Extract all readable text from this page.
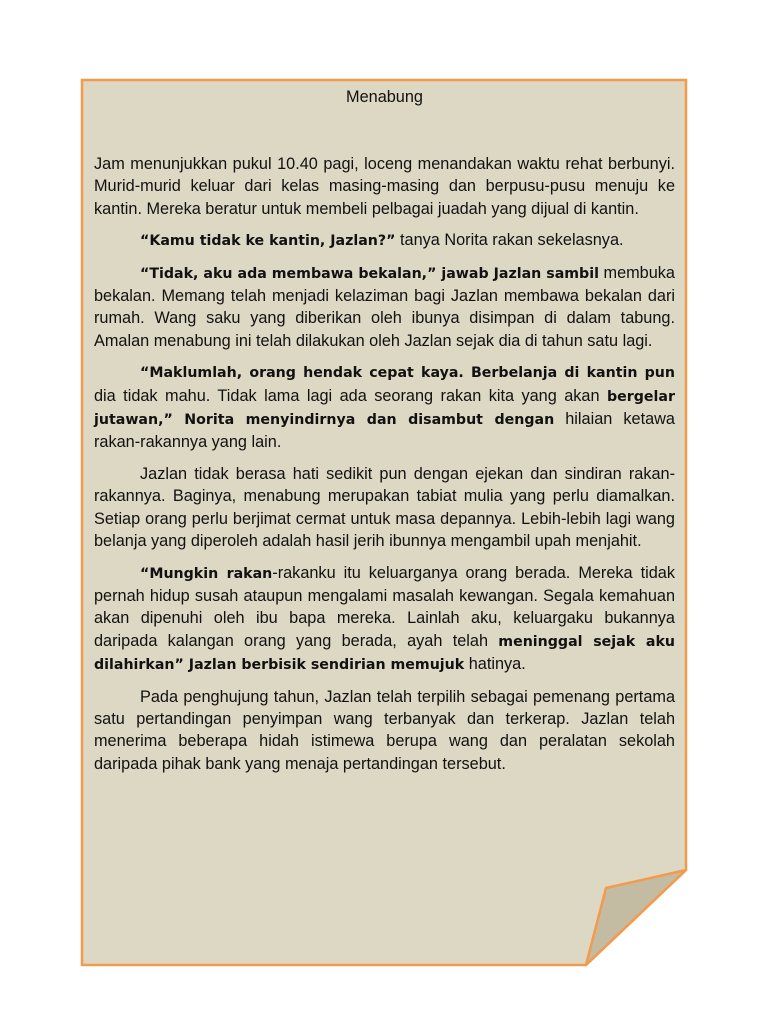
Menabung

Jam menunjukkan pukul 10.40 pagi, loceng menandakan waktu rehat berbunyi. Murid-murid keluar dari kelas masing-masing dan berpusu-pusu menuju ke kantin. Mereka beratur untuk membeli pelbagai juadah yang dijual di kantin.

“Kamu tidak ke kantin, Jazlan?” tanya Norita rakan sekelasnya.

“Tidak, aku ada membawa bekalan,” jawab Jazlan sambil membuka bekalan. Memang telah menjadi kelaziman bagi Jazlan membawa bekalan dari rumah. Wang saku yang diberikan oleh ibunya disimpan di dalam tabung. Amalan menabung ini telah dilakukan oleh Jazlan sejak dia di tahun satu lagi.

“Maklumlah, orang hendak cepat kaya. Berbelanja di kantin pun dia tidak mahu. Tidak lama lagi ada seorang rakan kita yang akan bergelar jutawan,” Norita menyindirnya dan disambut dengan hilaian ketawa rakan-rakannya yang lain.

Jazlan tidak berasa hati sedikit pun dengan ejekan dan sindiran rakan-rakannya. Baginya, menabung merupakan tabiat mulia yang perlu diamalkan. Setiap orang perlu berjimat cermat untuk masa depannya. Lebih-lebih lagi wang belanja yang diperoleh adalah hasil jerih ibunnya mengambil upah menjahit.

“Mungkin rakan-rakanku itu keluarganya orang berada. Mereka tidak pernah hidup susah ataupun mengalami masalah kewangan. Segala kemahuan akan dipenuhi oleh ibu bapa mereka. Lainlah aku, keluargaku bukannya daripada kalangan orang yang berada, ayah telah meninggal sejak aku dilahirkan” Jazlan berbisik sendirian memujuk hatinya.

Pada penghujung tahun, Jazlan telah terpilih sebagai pemenang pertama satu pertandingan penyimpan wang terbanyak dan terkerap. Jazlan telah menerima beberapa hidah istimewa berupa wang dan peralatan sekolah daripada pihak bank yang menaja pertandingan tersebut.
